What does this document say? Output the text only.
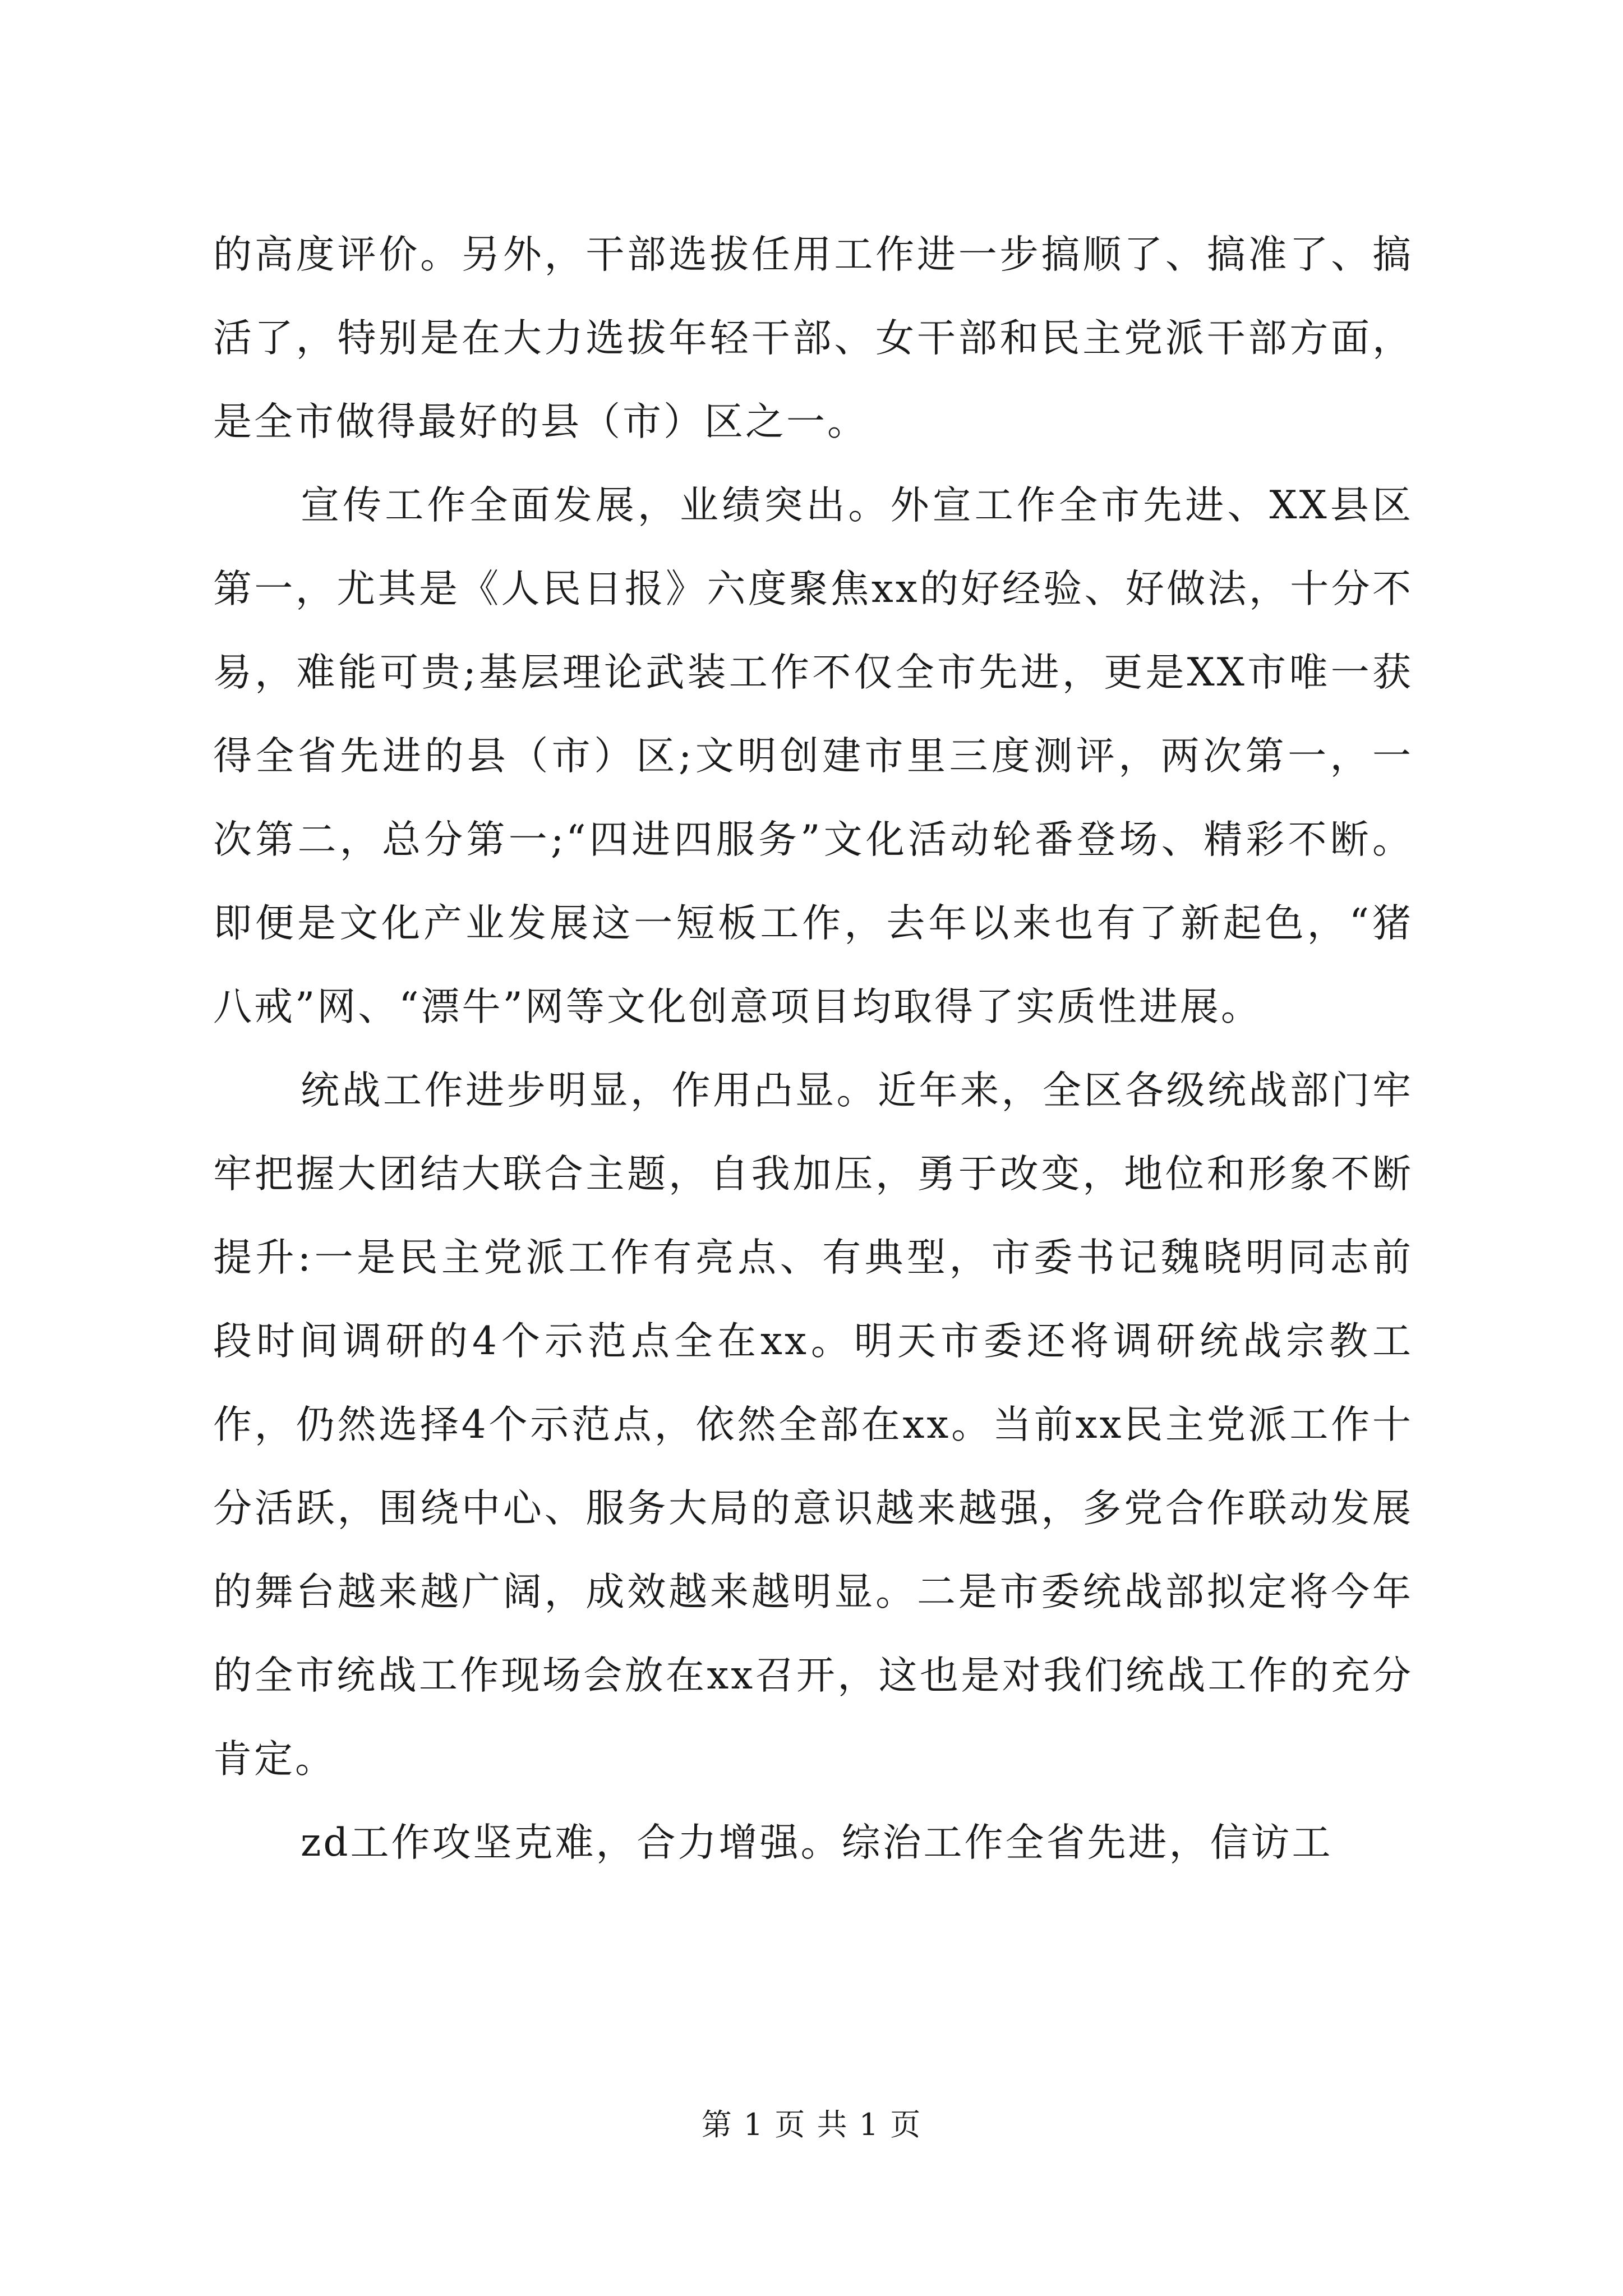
的高度评价。另外，干部选拔任用工作进一步搞顺了、搞准了、搞活了，特别是在大力选拔年轻干部、女干部和民主党派干部方面，是全市做得最好的县（市）区之一。

宣传工作全面发展，业绩突出。外宣工作全市先进、XX县区第一，尤其是《人民日报》六度聚焦xx的好经验、好做法，十分不易，难能可贵;基层理论武装工作不仅全市先进，更是XX市唯一获得全省先进的县（市）区;文明创建市里三度测评，两次第一，一次第二，总分第一;“四进四服务”文化活动轮番登场、精彩不断。即便是文化产业发展这一短板工作，去年以来也有了新起色，“猪八戒”网、“漂牛”网等文化创意项目均取得了实质性进展。

统战工作进步明显，作用凸显。近年来，全区各级统战部门牢牢把握大团结大联合主题，自我加压，勇于改变，地位和形象不断提升:一是民主党派工作有亮点、有典型，市委书记魏晓明同志前段时间调研的4个示范点全在xx。明天市委还将调研统战宗教工作，仍然选择4个示范点，依然全部在xx。当前xx民主党派工作十分活跃，围绕中心、服务大局的意识越来越强，多党合作联动发展的舞台越来越广阔，成效越来越明显。二是市委统战部拟定将今年的全市统战工作现场会放在xx召开，这也是对我们统战工作的充分肯定。

zd工作攻坚克难，合力增强。综治工作全省先进，信访工

第 1 页 共 1 页
